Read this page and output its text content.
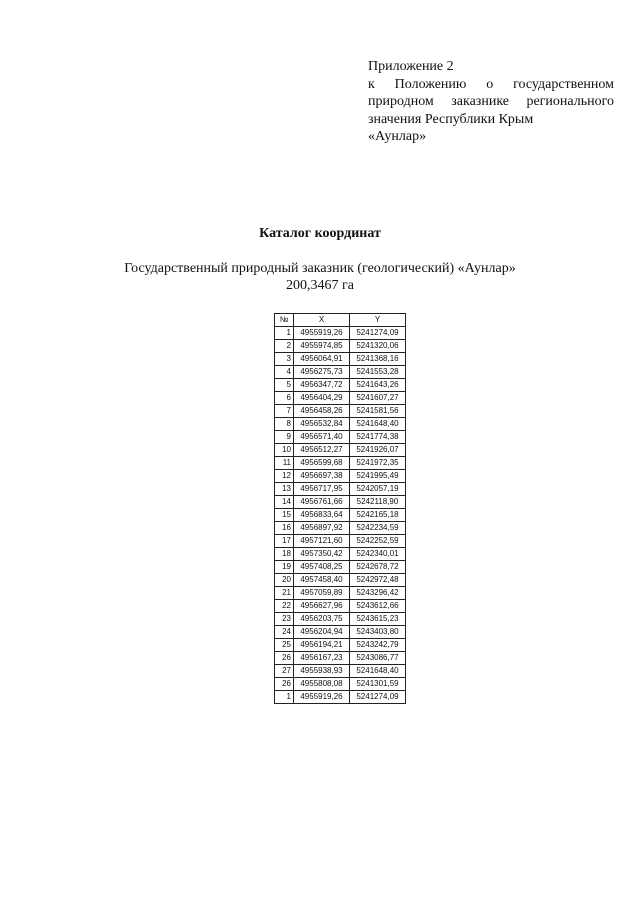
Приложение 2
к Положению о государственном
природном заказнике регионального
значения Республики Крым
«Аунлар»
Каталог координат
Государственный природный заказник (геологический) «Аунлар»
200,3467 га
№	X	Y
1	4955919,26	5241274,09
2	4955974,85	5241320,06
3	4956064,91	5241368,16
4	4956275,73	5241553,28
5	4956347,72	5241643,26
6	4956404,29	5241607,27
7	4956458,26	5241581,56
8	4956532,84	5241648,40
9	4956571,40	5241774,38
10	4956512,27	5241926,07
11	4956599,68	5241972,35
12	4956697,38	5241995,49
13	4956717,95	5242057,19
14	4956761,66	5242118,90
15	4956833,64	5242165,18
16	4956897,92	5242234,59
17	4957121,60	5242252,59
18	4957350,42	5242340,01
19	4957408,25	5242678,72
20	4957458,40	5242972,48
21	4957059,89	5243296,42
22	4956627,96	5243612,66
23	4956203,75	5243615,23
24	4956204,94	5243403,80
25	4956194,21	5243242,79
26	4956167,23	5243086,77
27	4955938,93	5241648,40
26	4955808,08	5241301,59
1	4955919,26	5241274,09
